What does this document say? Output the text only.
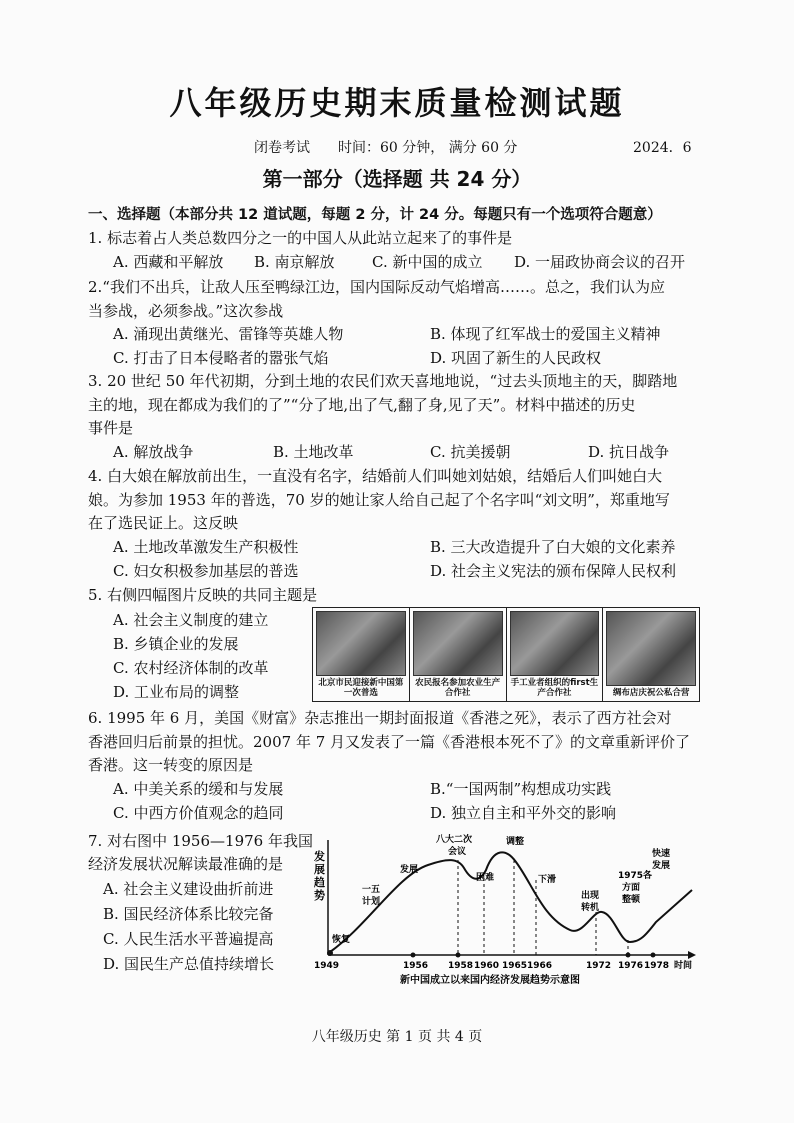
八年级历史期末质量检测试题
闭卷考试 时间：60 分钟， 满分 60 分	2024．6
第一部分（选择题 共 24 分）
一、选择题（本部分共 12 道试题，每题 2 分，计 24 分。每题只有一个选项符合题意）
1. 标志着占人类总数四分之一的中国人从此站立起来了的事件是
A. 西藏和平解放 B. 南京解放 C. 新中国的成立 D. 一届政协商会议的召开
2.“我们不出兵，让敌人压至鸭绿江边，国内国际反动气焰增高……。总之，我们认为应
当参战，必须参战。”这次参战
A. 涌现出黄继光、雷锋等英雄人物	B. 体现了红军战士的爱国主义精神
C. 打击了日本侵略者的嚣张气焰	D. 巩固了新生的人民政权
3. 20 世纪 50 年代初期，分到土地的农民们欢天喜地地说，“过去头顶地主的天，脚踏地
主的地，现在都成为我们的了”“分了地,出了气,翻了身,见了天”。材料中描述的历史
事件是
A. 解放战争	B. 土地改革	C. 抗美援朝	D. 抗日战争
4. 白大娘在解放前出生，一直没有名字，结婚前人们叫她刘姑娘，结婚后人们叫她白大
娘。为参加 1953 年的普选，70 岁的她让家人给自己起了个名字叫“刘文明”，郑重地写
在了选民证上。这反映
A. 土地改革激发生产积极性	B. 三大改造提升了白大娘的文化素养
C. 妇女积极参加基层的普选	D. 社会主义宪法的颁布保障人民权利
5. 右侧四幅图片反映的共同主题是
A. 社会主义制度的建立
B. 乡镇企业的发展
C. 农村经济体制的改革
D. 工业布局的调整	北京市民迎接新中国第一次普选
农民报名参加农业生产合作社
手工业者组织的first生产合作社	绸布店庆祝公私合营
6. 1995 年 6 月，美国《财富》杂志推出一期封面报道《香港之死》，表示了西方社会对
香港回归后前景的担忧。2007 年 7 月又发表了一篇《香港根本死不了》的文章重新评价了
香港。这一转变的原因是
A. 中美关系的缓和与发展	B.“一国两制”构想成功实践
C. 中西方价值观念的趋同	D. 独立自主和平外交的影响
7. 对右图中 1956—1976 年我国
经济发展状况解读最准确的是
A. 社会主义建设曲折前进
B. 国民经济体系比较完备
C. 人民生活水平普遍提高
D. 国民生产总值持续增长
发
展
趋
势
1949	1956 1958 1960 1965 1966	1972 1976 1978 时间
恢复
一五
计划
发展
八大二次
会议
困难
调整
下滑
出现
转机
1975各
方面
整顿
快速
发展
新中国成立以来国内经济发展趋势示意图
八年级历史 第 1 页 共 4 页
